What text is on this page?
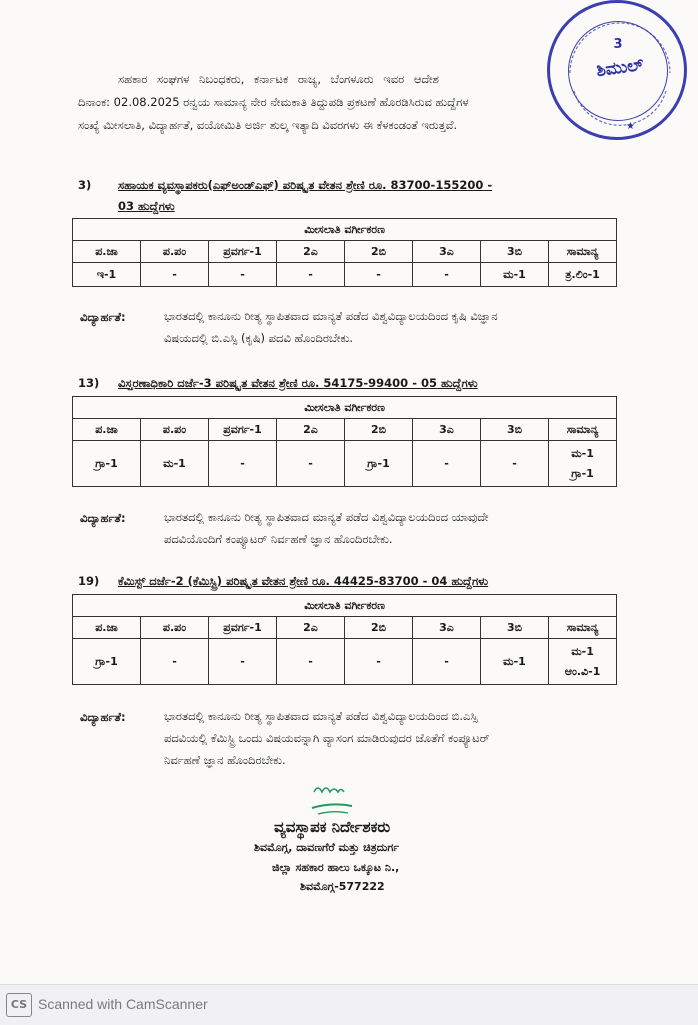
3
ಶಿಮುಲ್
★
ಸಹಕಾರ ಸಂಘಗಳ ನಿಬಂಧಕರು, ಕರ್ನಾಟಕ ರಾಜ್ಯ, ಬೆಂಗಳೂರು ಇವರ ಆದೇಶ
ದಿನಾಂಕ: 02.08.2025 ರನ್ವಯ ಸಾಮಾನ್ಯ ನೇರ ನೇಮಕಾತಿ ತಿದ್ದುಪಡಿ ಪ್ರಕಟಣೆ ಹೊರಡಿಸಿರುವ ಹುದ್ದೆಗಳ
ಸಂಖ್ಯೆ ಮೀಸಲಾತಿ, ವಿದ್ಯಾರ್ಹತೆ, ವಯೋಮಿತಿ ಅರ್ಜಿ ಶುಲ್ಕ ಇತ್ಯಾದಿ ವಿವರಗಳು ಈ ಕೆಳಕಂಡಂತೆ ಇರುತ್ತವೆ.
3) ಸಹಾಯಕ ವ್ಯವಸ್ಥಾಪಕರು(ಎಫ್‌ಅಂಡ್‌ಎಫ್) ಪರಿಷ್ಕೃತ ವೇತನ ಶ್ರೇಣಿ ರೂ. 83700-155200 -
03 ಹುದ್ದೆಗಳು
ಮೀಸಲಾತಿ ವರ್ಗೀಕರಣ							
ಪ.ಜಾ	ಪ.ಪಂ	ಪ್ರವರ್ಗ-1	2ಎ	2ಬಿ	3ಎ	3ಬಿ	ಸಾಮಾನ್ಯ
ಇ-1	-	-	-	-	-	ಮ-1	ತ್ರ.ಲಿಂ-1
ವಿದ್ಯಾರ್ಹತೆ:	ಭಾರತದಲ್ಲಿ ಕಾನೂನು ರೀತ್ಯ ಸ್ಥಾಪಿತವಾದ ಮಾನ್ಯತೆ ಪಡೆದ ವಿಶ್ವವಿದ್ಯಾಲಯದಿಂದ ಕೃಷಿ ವಿಜ್ಞಾನ
ವಿಷಯದಲ್ಲಿ ಬಿ.ಎಸ್ಸಿ (ಕೃಷಿ) ಪದವಿ ಹೊಂದಿರಬೇಕು.
13) ವಿಸ್ತರಣಾಧಿಕಾರಿ ದರ್ಜೆ-3 ಪರಿಷ್ಕೃತ ವೇತನ ಶ್ರೇಣಿ ರೂ. 54175-99400 - 05 ಹುದ್ದೆಗಳು
ಮೀಸಲಾತಿ ವರ್ಗೀಕರಣ							
ಪ.ಜಾ	ಪ.ಪಂ	ಪ್ರವರ್ಗ-1	2ಎ	2ಬಿ	3ಎ	3ಬಿ	ಸಾಮಾನ್ಯ
ಗ್ರಾ-1	ಮ-1	-	-	ಗ್ರಾ-1	-	-	ಮ-1
ಗ್ರಾ-1
ವಿದ್ಯಾರ್ಹತೆ:	ಭಾರತದಲ್ಲಿ ಕಾನೂನು ರೀತ್ಯ ಸ್ಥಾಪಿತವಾದ ಮಾನ್ಯತೆ ಪಡೆದ ವಿಶ್ವವಿದ್ಯಾಲಯದಿಂದ ಯಾವುದೇ
ಪದವಿಯೊಂದಿಗೆ ಕಂಪ್ಯೂಟರ್ ನಿರ್ವಹಣೆ ಜ್ಞಾನ ಹೊಂದಿರಬೇಕು.
19) ಕೆಮಿಸ್ಟ್ ದರ್ಜೆ-2 (ಕೆಮಿಸ್ಟ್ರಿ) ಪರಿಷ್ಕೃತ ವೇತನ ಶ್ರೇಣಿ ರೂ. 44425-83700 - 04 ಹುದ್ದೆಗಳು
ಮೀಸಲಾತಿ ವರ್ಗೀಕರಣ							
ಪ.ಜಾ	ಪ.ಪಂ	ಪ್ರವರ್ಗ-1	2ಎ	2ಬಿ	3ಎ	3ಬಿ	ಸಾಮಾನ್ಯ
ಗ್ರಾ-1	-	-	-	-	-	ಮ-1	ಮ-1
ಆಂ.ವಿ-1
ವಿದ್ಯಾರ್ಹತೆ:	ಭಾರತದಲ್ಲಿ ಕಾನೂನು ರೀತ್ಯ ಸ್ಥಾಪಿತವಾದ ಮಾನ್ಯತೆ ಪಡೆದ ವಿಶ್ವವಿದ್ಯಾಲಯದಿಂದ ಬಿ.ಎಸ್ಸಿ
ಪದವಿಯಲ್ಲಿ ಕೆಮಿಸ್ಟ್ರಿ ಒಂದು ವಿಷಯವನ್ನಾಗಿ ವ್ಯಾಸಂಗ ಮಾಡಿರುವುದರ ಜೊತೆಗೆ ಕಂಪ್ಯೂಟರ್
ನಿರ್ವಹಣೆ ಜ್ಞಾನ ಹೊಂದಿರಬೇಕು.
ವ್ಯವಸ್ಥಾಪಕ ನಿರ್ದೇಶಕರು
ಶಿವಮೊಗ್ಗ, ದಾವಣಗೆರೆ ಮತ್ತು ಚಿತ್ರದುರ್ಗ
ಜಿಲ್ಲಾ ಸಹಕಾರ ಹಾಲು ಒಕ್ಕೂಟ ನಿ.,
ಶಿವಮೊಗ್ಗ-577222
CS Scanned with CamScanner
